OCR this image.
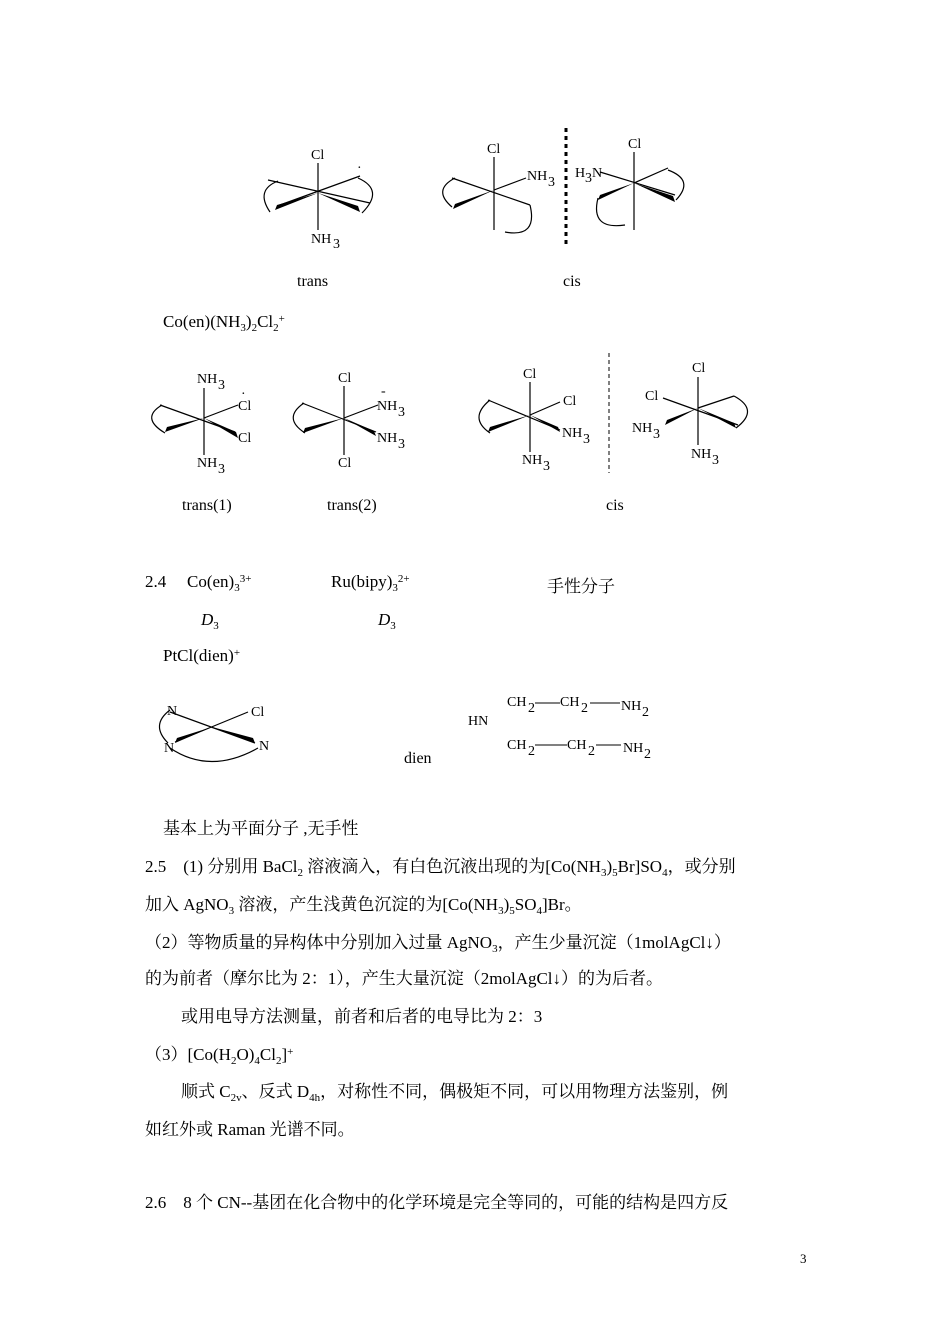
Cl
·
NH 3
Cl
NH 3
Cl
H 3 N
NH 3
Cl
·
Cl
NH 3
Cl
NH 3
-
NH 3
Cl
Cl
Cl
NH 3
NH 3
Cl
Cl
NH 3
NH 3
N	Cl
N	N
HN
CH 2 CH 2 NH 2
CH 2 CH 2 NH 2
trans	cis
$Co(en)(NH_3)_2Cl_2^+$
trans(1)	trans(2)	cis
2.4 $Co(en)_3^{3+}$	$Ru(bipy)_3^{2+}$	手性分子
$D_3$	$D_3$
PtCl(dien)+
dien
基本上为平面分子 ,无手性
2.5　(1) 分别用 BaCl$_2$ 溶液滴入，有白色沉液出现的为$[Co(NH_3)_5Br]SO_4$，或分别
加入 AgNO$_3$ 溶液，产生浅黄色沉淀的为$[Co(NH_3)_5SO_4]Br$。
（2）等物质量的异构体中分别加入过量 AgNO$_3$，产生少量沉淀（1molAgCl↓）
的为前者（摩尔比为 2：1），产生大量沉淀（2molAgCl↓）的为后者。
或用电导方法测量，前者和后者的电导比为 2：3
$(3)[Co(H_2O)_4Cl_2]^+$
顺式 $C_{2v}$、反式 $D_{4h}$，对称性不同，偶极矩不同，可以用物理方法鉴别，例
如红外或 Raman 光谱不同。
2.6　8 个 CN--基团在化合物中的化学环境是完全等同的，可能的结构是四方反
3
